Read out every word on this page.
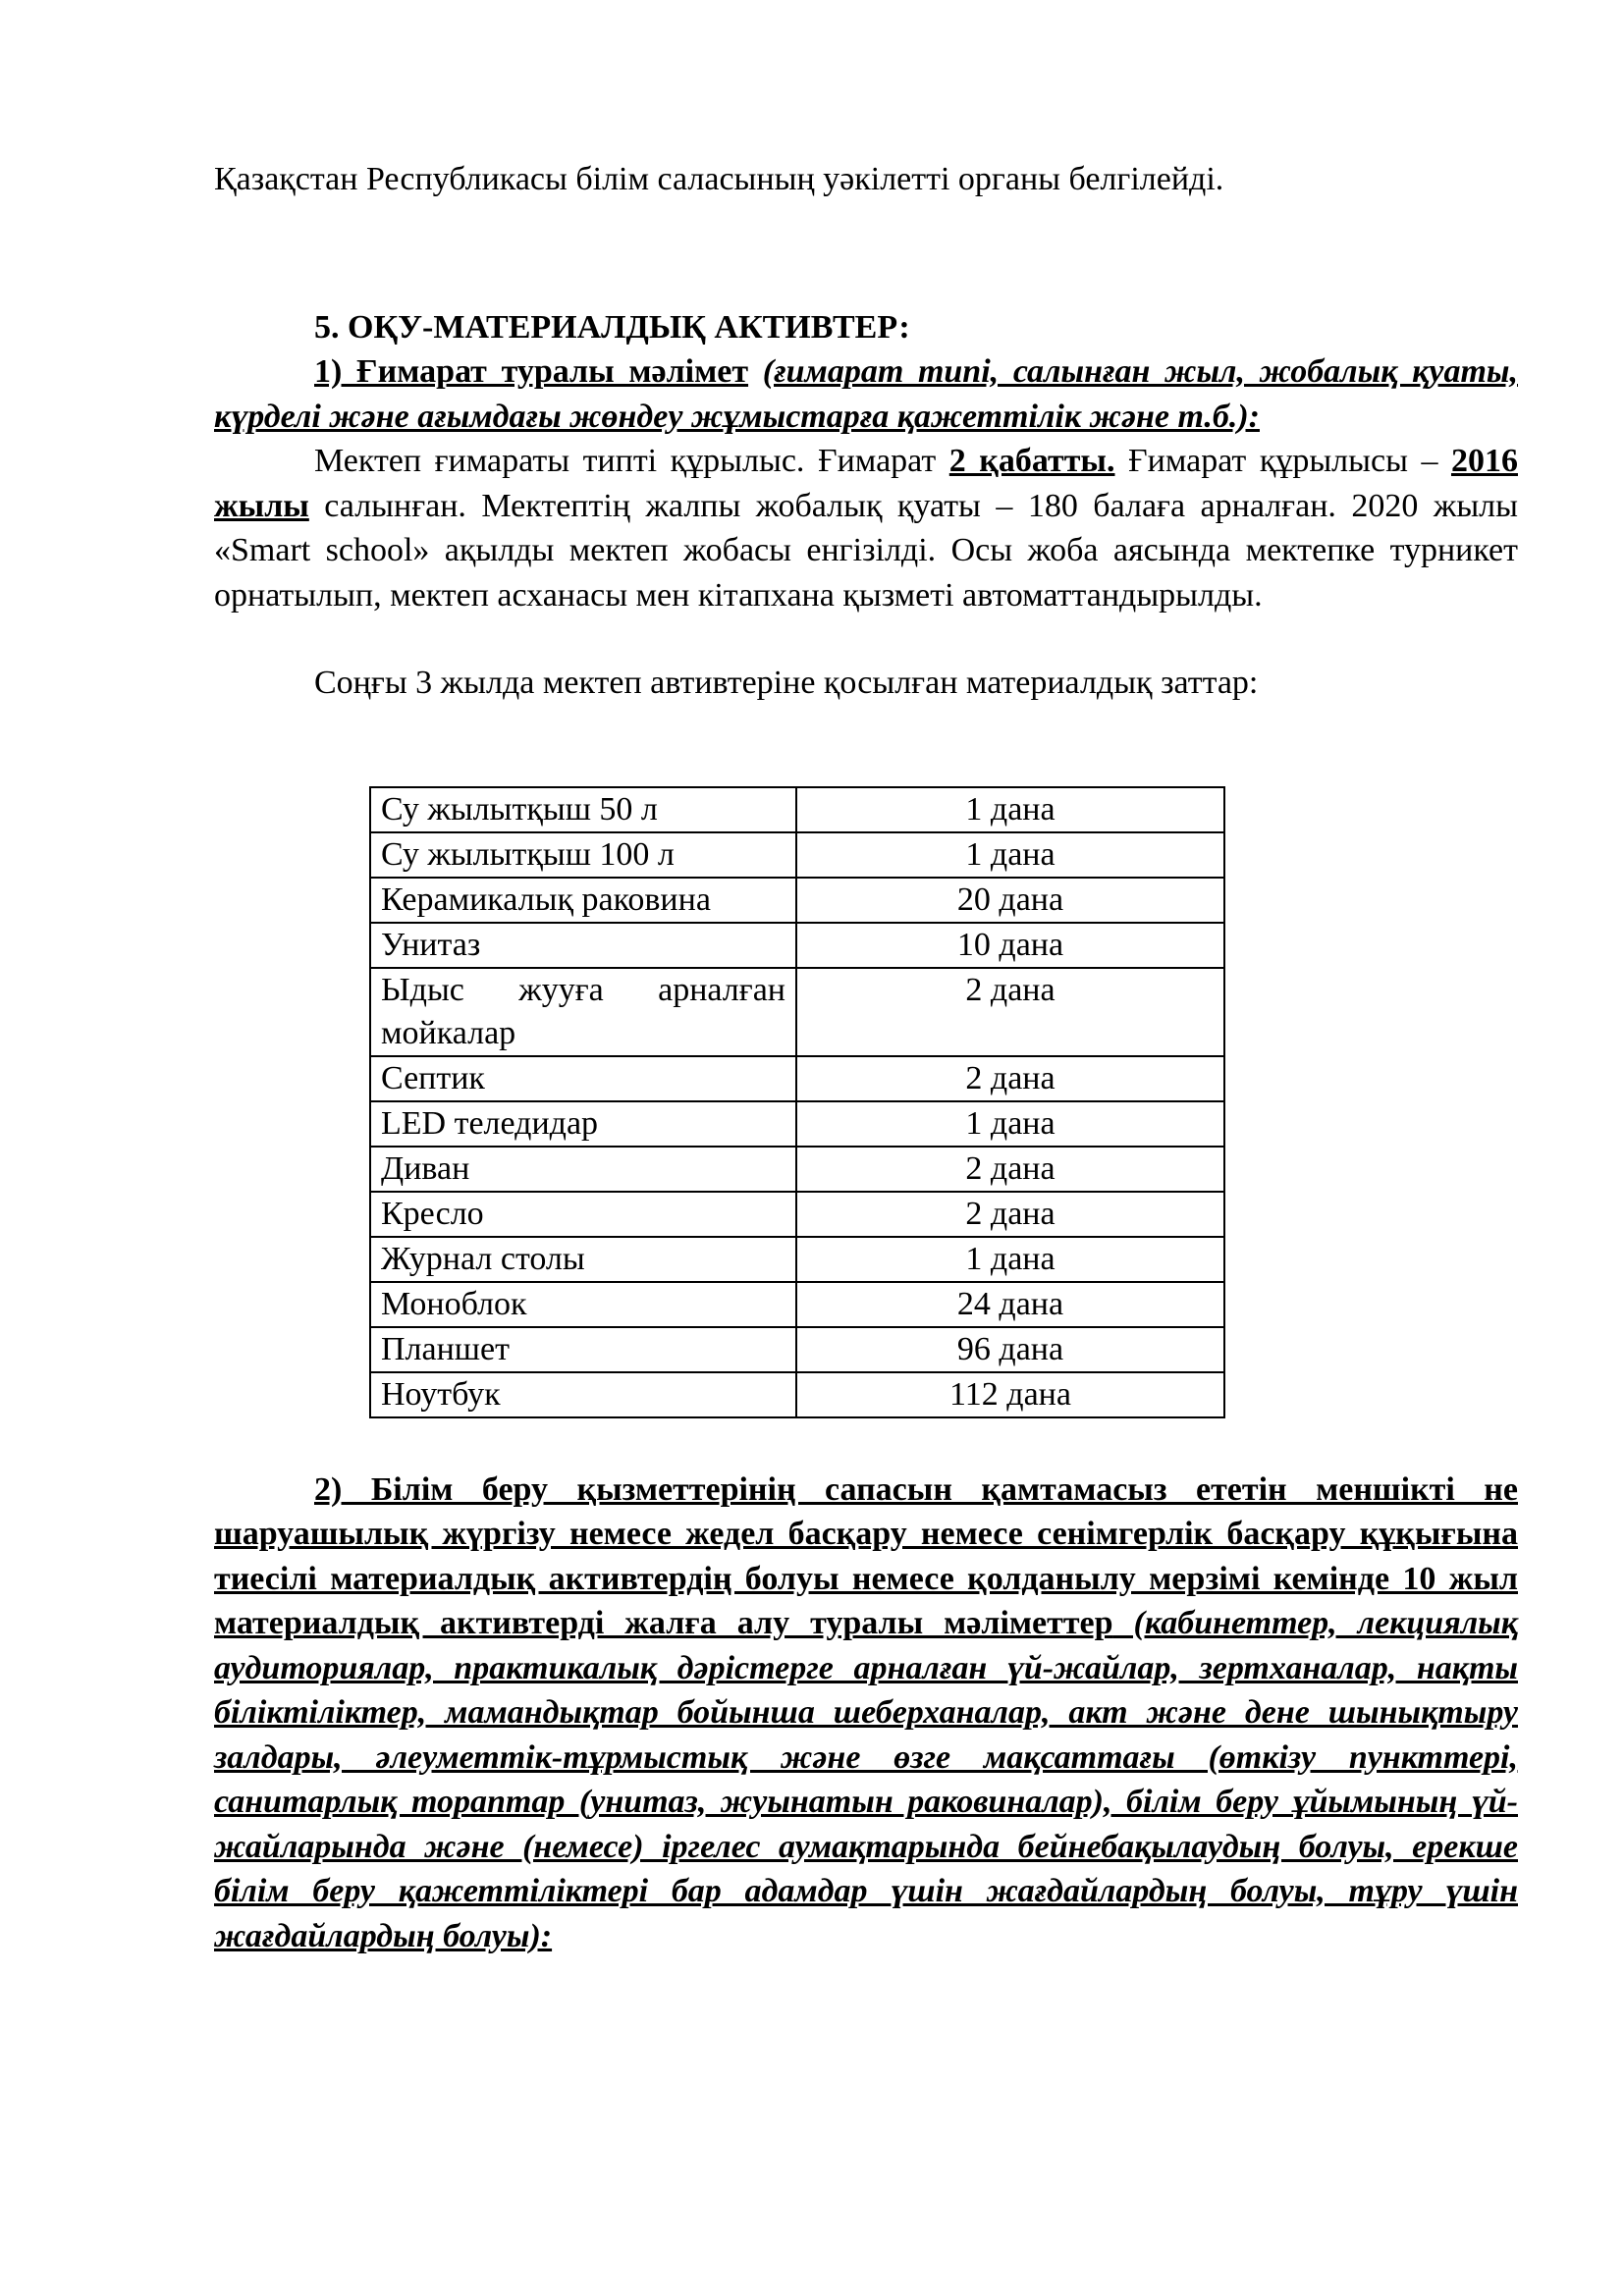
Қазақстан Республикасы білім саласының уәкілетті органы белгілейді.

5. ОҚУ-МАТЕРИАЛДЫҚ АКТИВТЕР:

1) Ғимарат туралы мәлімет (ғимарат типі, салынған жыл, жобалық қуаты, күрделі және ағымдағы жөндеу жұмыстарға қажеттілік және т.б.):

Мектеп ғимараты типті құрылыс. Ғимарат 2 қабатты. Ғимарат құрылысы – 2016 жылы салынған. Мектептің жалпы жобалық қуаты – 180 балаға арналған. 2020 жылы «Smart school» ақылды мектеп жобасы енгізілді. Осы жоба аясында мектепке турникет орнатылып, мектеп асханасы мен кітапхана қызметі автоматтандырылды.

Соңғы 3 жылда мектеп автивтеріне қосылған материалдық заттар:

Су жылытқыш 50 л	1 дана
Су жылытқыш 100 л	1 дана
Керамикалық раковина	20 дана
Унитаз	10 дана
Ыдыс жууға арналған мойкалар	2 дана
Септик	2 дана
LED теледидар	1 дана
Диван	2 дана
Кресло	2 дана
Журнал столы	1 дана
Моноблок	24 дана
Планшет	96 дана
Ноутбук	112 дана

2) Білім беру қызметтерінің сапасын қамтамасыз ететін меншікті не шаруашылық жүргізу немесе жедел басқару немесе сенімгерлік басқару құқығына тиесілі материалдық активтердің болуы немесе қолданылу мерзімі кемінде 10 жыл материалдық активтерді жалға алу туралы мәліметтер (кабинеттер, лекциялық аудиториялар, практикалық дәрістерге арналған үй-жайлар, зертханалар, нақты біліктіліктер, мамандықтар бойынша шеберханалар, акт және дене шынықтыру залдары, әлеуметтік-тұрмыстық және өзге мақсаттағы (өткізу пункттері, санитарлық тораптар (унитаз, жуынатын раковиналар), білім беру ұйымының үй-жайларында және (немесе) іргелес аумақтарында бейнебақылаудың болуы, ерекше білім беру қажеттіліктері бар адамдар үшін жағдайлардың болуы, тұру үшін жағдайлардың болуы):
